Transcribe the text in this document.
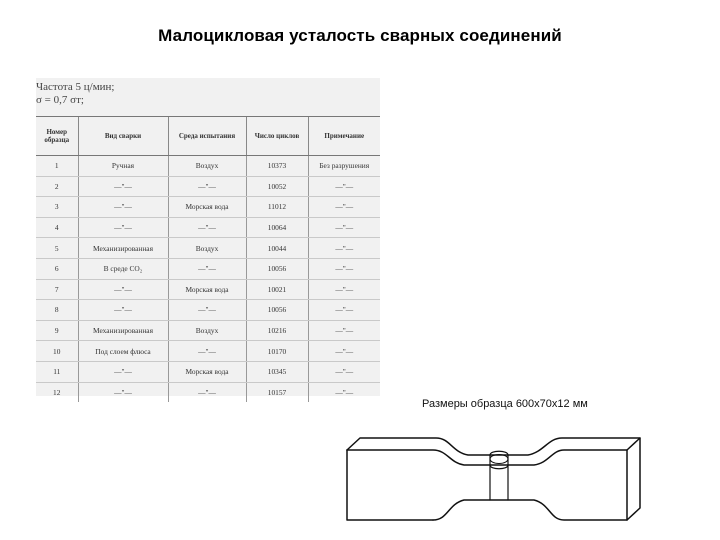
Малоцикловая усталость сварных соединений
Частота 5 ц/мин;
σ = 0,7 σт;
Номер образца	Вид сварки	Среда испытания	Число циклов	Примечание
1	Ручная	Воздух	10373	Без разрушения
2	—"—	—"—	10052	—"—
3	—"—	Морская вода	11012	—"—
4	—"—	—"—	10064	—"—
5	Механизированная	Воздух	10044	—"—
6	В среде CO₂	—"—	10056	—"—
7	—"—	Морская вода	10021	—"—
8	—"—	—"—	10056	—"—
9	Механизированная	Воздух	10216	—"—
10	Под слоем флюса	—"—	10170	—"—
11	—"—	Морская вода	10345	—"—
12	—"—	—"—	10157	—"—
Размеры образца 600х70х12 мм
